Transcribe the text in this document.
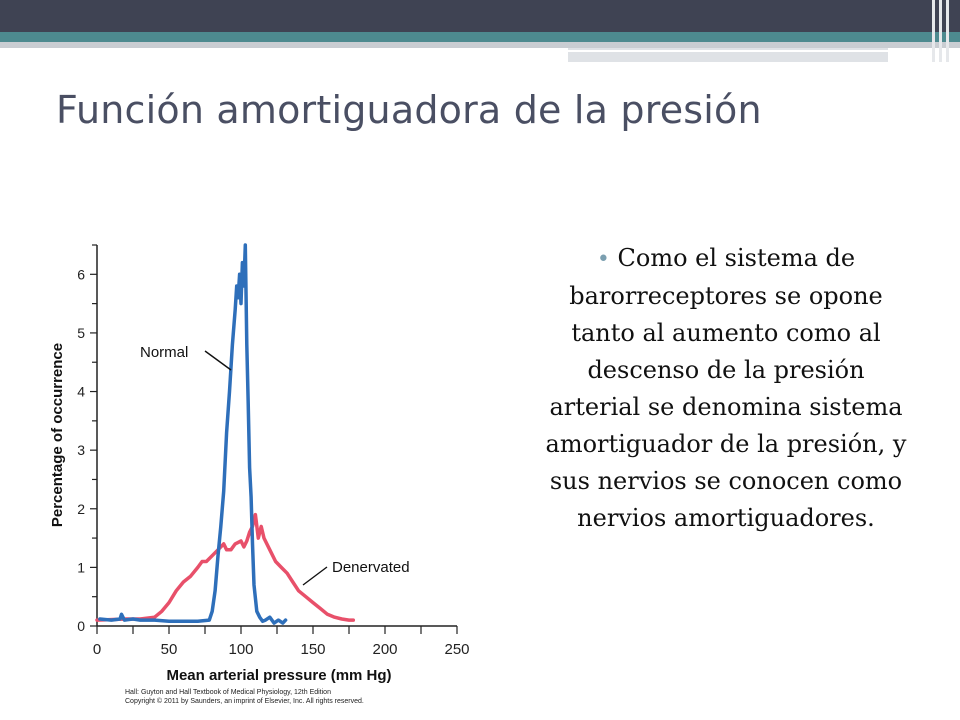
Función amortiguadora de la presión
• Como el sistema de barorreceptores se opone tanto al aumento como al descenso de la presión arterial se denomina sistema amortiguador de la presión, y sus nervios se conocen como nervios amortiguadores.
0
1
2
3
4
5
6
0	50	100	150	200	250
Mean arterial pressure (mm Hg)
Percentage of occurrence	Normal
Denervated
Hall: Guyton and Hall Textbook of Medical Physiology, 12th Edition
Copyright © 2011 by Saunders, an imprint of Elsevier, Inc. All rights reserved.
